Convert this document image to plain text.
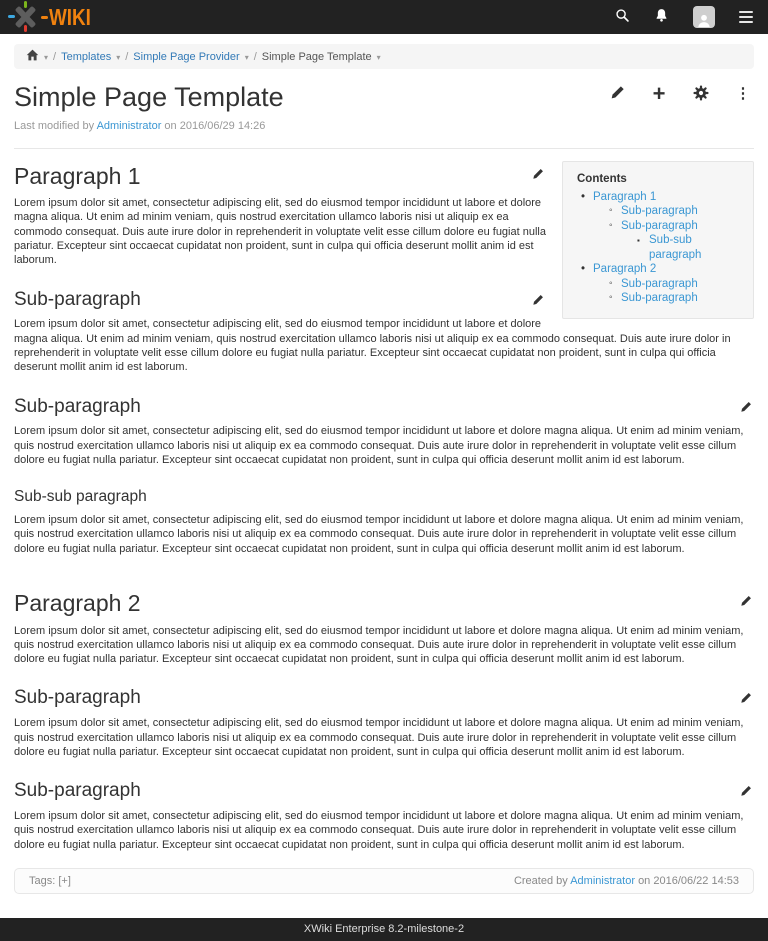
WIKI
▾ / Templates ▾ / Simple Page Provider ▾ / Simple Page Template ▾
Simple Page Template
Last modified by Administrator on 2016/06/29 14:26
+	⋮
Contents
• Paragraph 1
◦ Sub-paragraph
◦ Sub-paragraph
▪ Sub-sub paragraph
• Paragraph 2
◦ Sub-paragraph
◦ Sub-paragraph
Paragraph 1

Lorem ipsum dolor sit amet, consectetur adipiscing elit, sed do eiusmod tempor incididunt ut labore et dolore magna aliqua. Ut enim ad minim veniam, quis nostrud exercitation ullamco laboris nisi ut aliquip ex ea commodo consequat. Duis aute irure dolor in reprehenderit in voluptate velit esse cillum dolore eu fugiat nulla pariatur. Excepteur sint occaecat cupidatat non proident, sunt in culpa qui officia deserunt mollit anim id est laborum.

Sub-paragraph

Lorem ipsum dolor sit amet, consectetur adipiscing elit, sed do eiusmod tempor incididunt ut labore et dolore magna aliqua. Ut enim ad minim veniam, quis nostrud exercitation ullamco laboris nisi ut aliquip ex ea commodo consequat. Duis aute irure dolor in reprehenderit in voluptate velit esse cillum dolore eu fugiat nulla pariatur. Excepteur sint occaecat cupidatat non proident, sunt in culpa qui officia deserunt mollit anim id est laborum.

Sub-paragraph

Lorem ipsum dolor sit amet, consectetur adipiscing elit, sed do eiusmod tempor incididunt ut labore et dolore magna aliqua. Ut enim ad minim veniam, quis nostrud exercitation ullamco laboris nisi ut aliquip ex ea commodo consequat. Duis aute irure dolor in reprehenderit in voluptate velit esse cillum dolore eu fugiat nulla pariatur. Excepteur sint occaecat cupidatat non proident, sunt in culpa qui officia deserunt mollit anim id est laborum.

Sub-sub paragraph

Lorem ipsum dolor sit amet, consectetur adipiscing elit, sed do eiusmod tempor incididunt ut labore et dolore magna aliqua. Ut enim ad minim veniam, quis nostrud exercitation ullamco laboris nisi ut aliquip ex ea commodo consequat. Duis aute irure dolor in reprehenderit in voluptate velit esse cillum dolore eu fugiat nulla pariatur. Excepteur sint occaecat cupidatat non proident, sunt in culpa qui officia deserunt mollit anim id est laborum.

Paragraph 2

Lorem ipsum dolor sit amet, consectetur adipiscing elit, sed do eiusmod tempor incididunt ut labore et dolore magna aliqua. Ut enim ad minim veniam, quis nostrud exercitation ullamco laboris nisi ut aliquip ex ea commodo consequat. Duis aute irure dolor in reprehenderit in voluptate velit esse cillum dolore eu fugiat nulla pariatur. Excepteur sint occaecat cupidatat non proident, sunt in culpa qui officia deserunt mollit anim id est laborum.

Sub-paragraph

Lorem ipsum dolor sit amet, consectetur adipiscing elit, sed do eiusmod tempor incididunt ut labore et dolore magna aliqua. Ut enim ad minim veniam, quis nostrud exercitation ullamco laboris nisi ut aliquip ex ea commodo consequat. Duis aute irure dolor in reprehenderit in voluptate velit esse cillum dolore eu fugiat nulla pariatur. Excepteur sint occaecat cupidatat non proident, sunt in culpa qui officia deserunt mollit anim id est laborum.

Sub-paragraph

Lorem ipsum dolor sit amet, consectetur adipiscing elit, sed do eiusmod tempor incididunt ut labore et dolore magna aliqua. Ut enim ad minim veniam, quis nostrud exercitation ullamco laboris nisi ut aliquip ex ea commodo consequat. Duis aute irure dolor in reprehenderit in voluptate velit esse cillum dolore eu fugiat nulla pariatur. Excepteur sint occaecat cupidatat non proident, sunt in culpa qui officia deserunt mollit anim id est laborum.

Tags:
[+]	Created by Administrator on 2016/06/22 14:53
XWiki Enterprise 8.2-milestone-2
